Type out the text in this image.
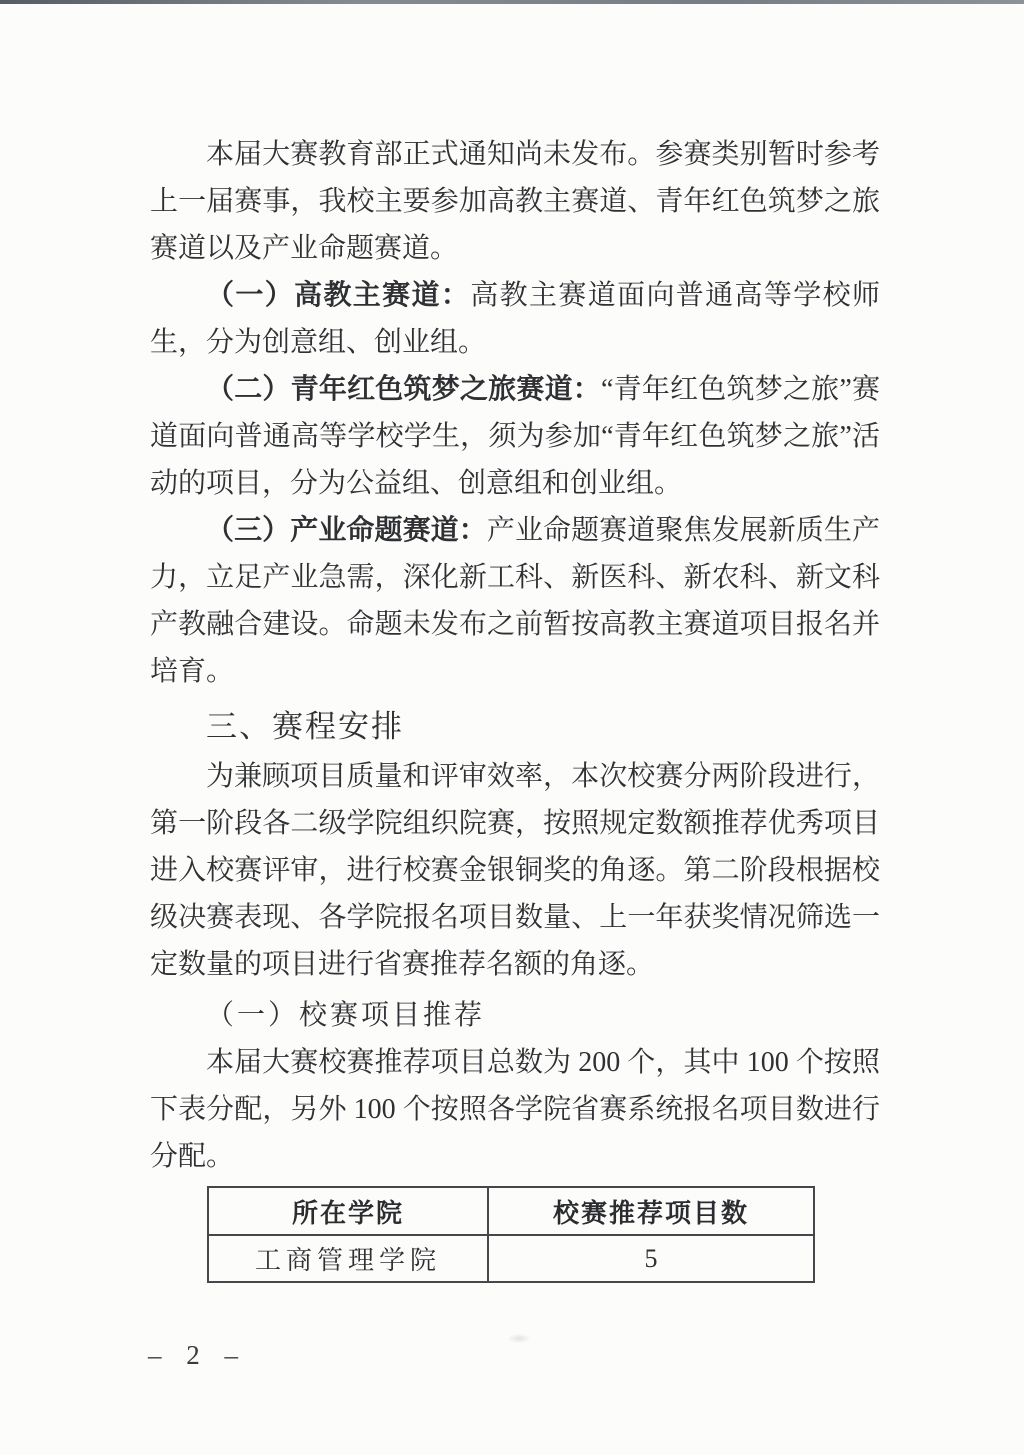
本届大赛教育部正式通知尚未发布。参赛类别暂时参考上一届赛事，我校主要参加高教主赛道、青年红色筑梦之旅赛道以及产业命题赛道。

（一）高教主赛道：高教主赛道面向普通高等学校师生，分为创意组、创业组。

（二）青年红色筑梦之旅赛道：“青年红色筑梦之旅”赛道面向普通高等学校学生，须为参加“青年红色筑梦之旅”活动的项目，分为公益组、创意组和创业组。

（三）产业命题赛道：产业命题赛道聚焦发展新质生产力，立足产业急需，深化新工科、新医科、新农科、新文科产教融合建设。命题未发布之前暂按高教主赛道项目报名并培育。

三、赛程安排

为兼顾项目质量和评审效率，本次校赛分两阶段进行，第一阶段各二级学院组织院赛，按照规定数额推荐优秀项目进入校赛评审，进行校赛金银铜奖的角逐。第二阶段根据校级决赛表现、各学院报名项目数量、上一年获奖情况筛选一定数量的项目进行省赛推荐名额的角逐。

（一）校赛项目推荐

本届大赛校赛推荐项目总数为 200 个，其中 100 个按照下表分配，另外 100 个按照各学院省赛系统报名项目数进行分配。

所在学院	校赛推荐项目数
工商管理学院	5
– 2 –
